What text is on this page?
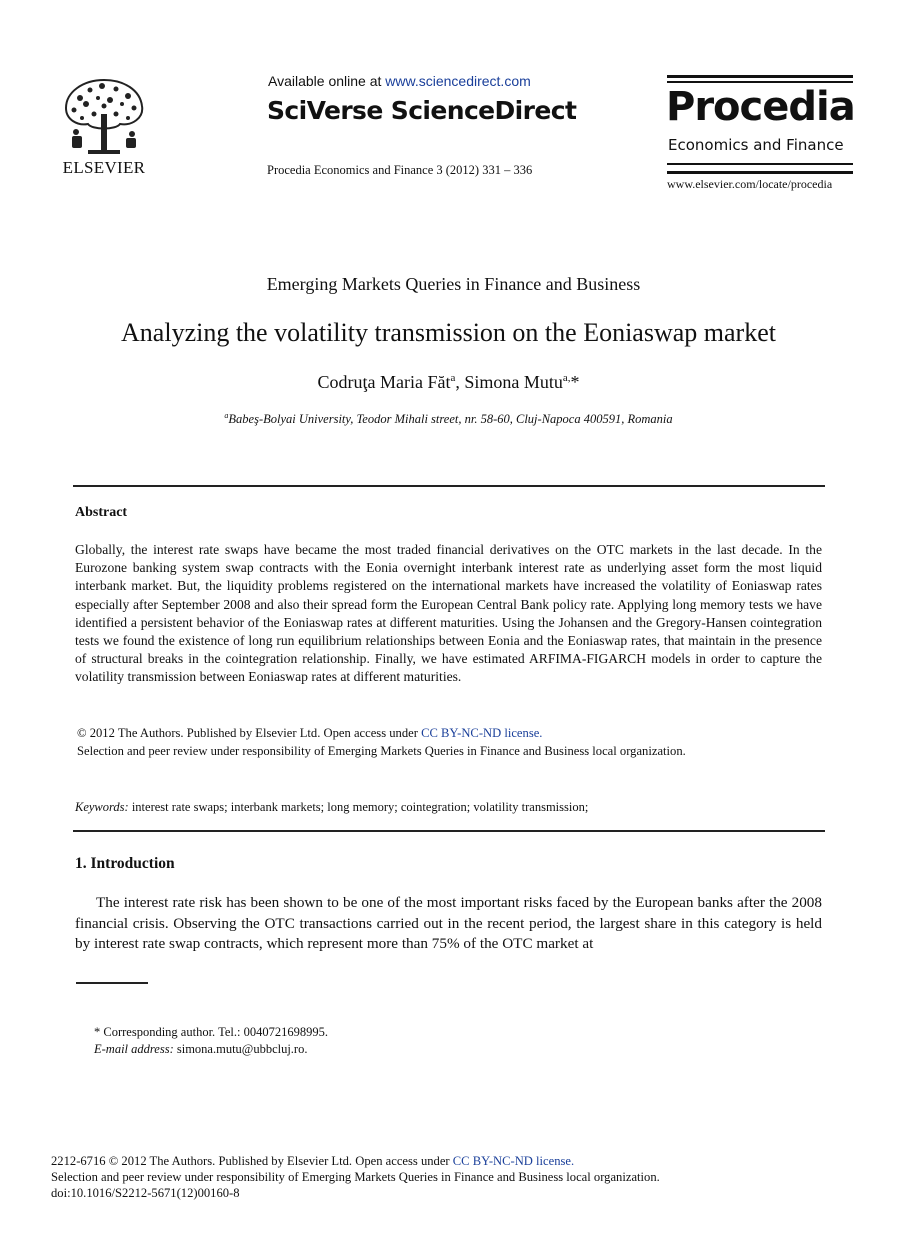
ELSEVIER
Available online at www.sciencedirect.com
SciVerse ScienceDirect
Procedia Economics and Finance 3 (2012) 331 – 336
Procedia
Economics and Finance
www.elsevier.com/locate/procedia
Emerging Markets Queries in Finance and Business
Analyzing the volatility transmission on the Eoniaswap market
Codruţa Maria Făt$^a$, Simona Mutu$^{a,}$*
$^a$Babeş-Bolyai University, Teodor Mihali street, nr. 58-60, Cluj-Napoca 400591, Romania
Abstract
Globally, the interest rate swaps have became the most traded financial derivatives on the OTC markets in the last decade. In the Eurozone banking system swap contracts with the Eonia overnight interbank interest rate as underlying asset form the most liquid interbank market. But, the liquidity problems registered on the international markets have increased the volatility of Eoniaswap rates especially after September 2008 and also their spread form the European Central Bank policy rate. Applying long memory tests we have identified a persistent behavior of the Eoniaswap rates at different maturities. Using the Johansen and the Gregory-Hansen cointegration tests we found the existence of long run equilibrium relationships between Eonia and the Eoniaswap rates, that maintain in the presence of structural breaks in the cointegration relationship. Finally, we have estimated ARFIMA-FIGARCH models in order to capture the volatility transmission between Eoniaswap rates at different maturities.
© 2012 The Authors. Published by Elsevier Ltd. Open access under CC BY-NC-ND license.
Selection and peer review under responsibility of Emerging Markets Queries in Finance and Business local organization.
Keywords: interest rate swaps; interbank markets; long memory; cointegration; volatility transmission;
1. Introduction
The interest rate risk has been shown to be one of the most important risks faced by the European banks after the 2008 financial crisis. Observing the OTC transactions carried out in the recent period, the largest share in this category is held by interest rate swap contracts, which represent more than 75% of the OTC market at
* Corresponding author. Tel.: 0040721698995.
E-mail address: simona.mutu@ubbcluj.ro.
2212-6716 © 2012 The Authors. Published by Elsevier Ltd. Open access under CC BY-NC-ND license.
Selection and peer review under responsibility of Emerging Markets Queries in Finance and Business local organization.
doi:10.1016/S2212-5671(12)00160-8
